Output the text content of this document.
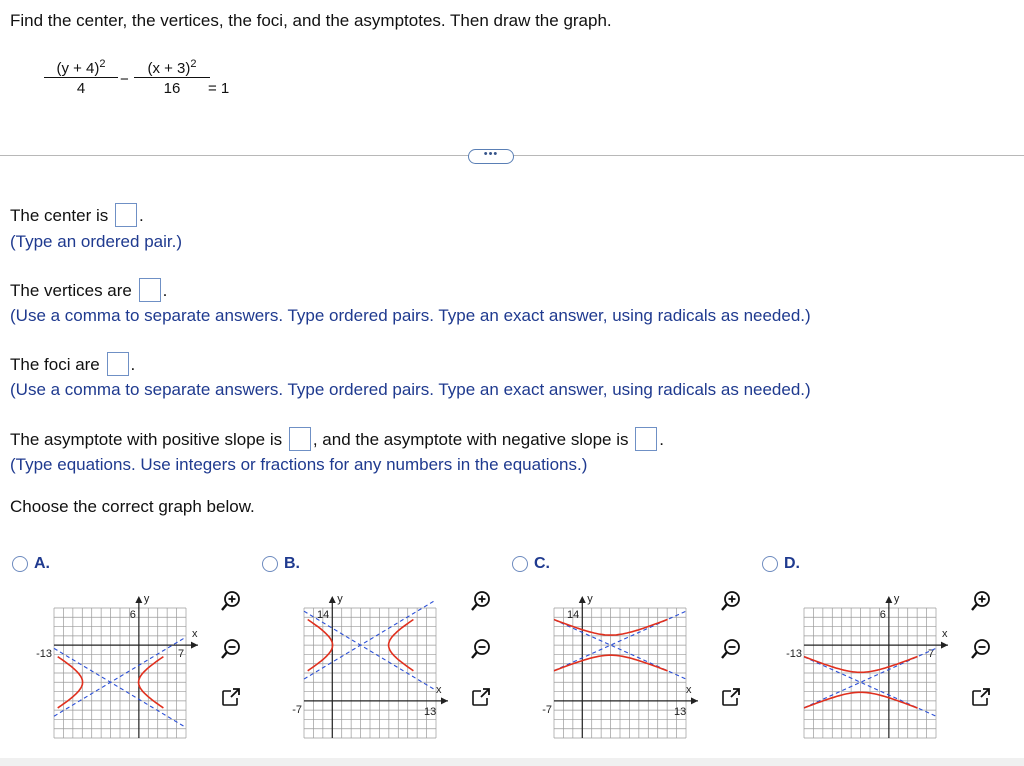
Find the center, the vertices, the foci, and the asymptotes. Then draw the graph.
$\frac{(y + 4)^2}{4} - \frac{(x + 3)^2}{16}$
= 1
•••
The center is .
(Type an ordered pair.)
The vertices are .
(Use a comma to separate answers. Type ordered pairs. Type an exact answer, using radicals as needed.)
The foci are .
(Use a comma to separate answers. Type ordered pairs. Type an exact answer, using radicals as needed.)
The asymptote with positive slope is , and the asymptote with negative slope is .
(Type equations. Use integers or fractions for any numbers in the equations.)
Choose the correct graph below.
A.
y
6
x
-13	7
B.
y
14
x
-7	13
C.
y
14
x
-7	13
D.
y
6
x
-13	7
